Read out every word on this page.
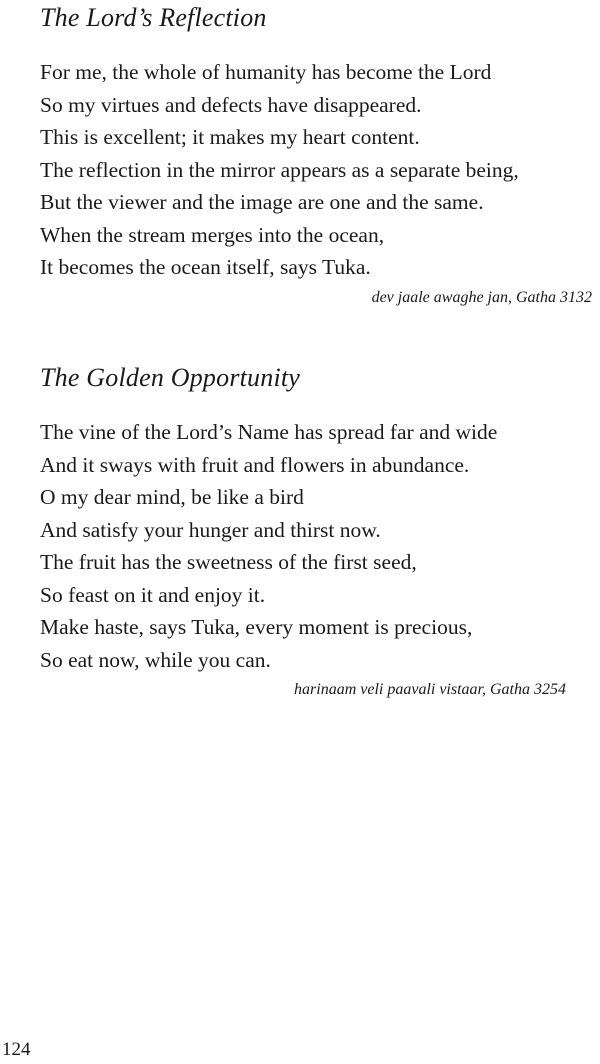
The Lord’s Reflection
For me, the whole of humanity has become the Lord
So my virtues and defects have disappeared.
This is excellent; it makes my heart content.
The reflection in the mirror appears as a separate being,
But the viewer and the image are one and the same.
When the stream merges into the ocean,
It becomes the ocean itself, says Tuka.
dev jaale awaghe jan, Gatha 3132
The Golden Opportunity
The vine of the Lord’s Name has spread far and wide
And it sways with fruit and flowers in abundance.
O my dear mind, be like a bird
And satisfy your hunger and thirst now.
The fruit has the sweetness of the first seed,
So feast on it and enjoy it.
Make haste, says Tuka, every moment is precious,
So eat now, while you can.
harinaam veli paavali vistaar, Gatha 3254
124
